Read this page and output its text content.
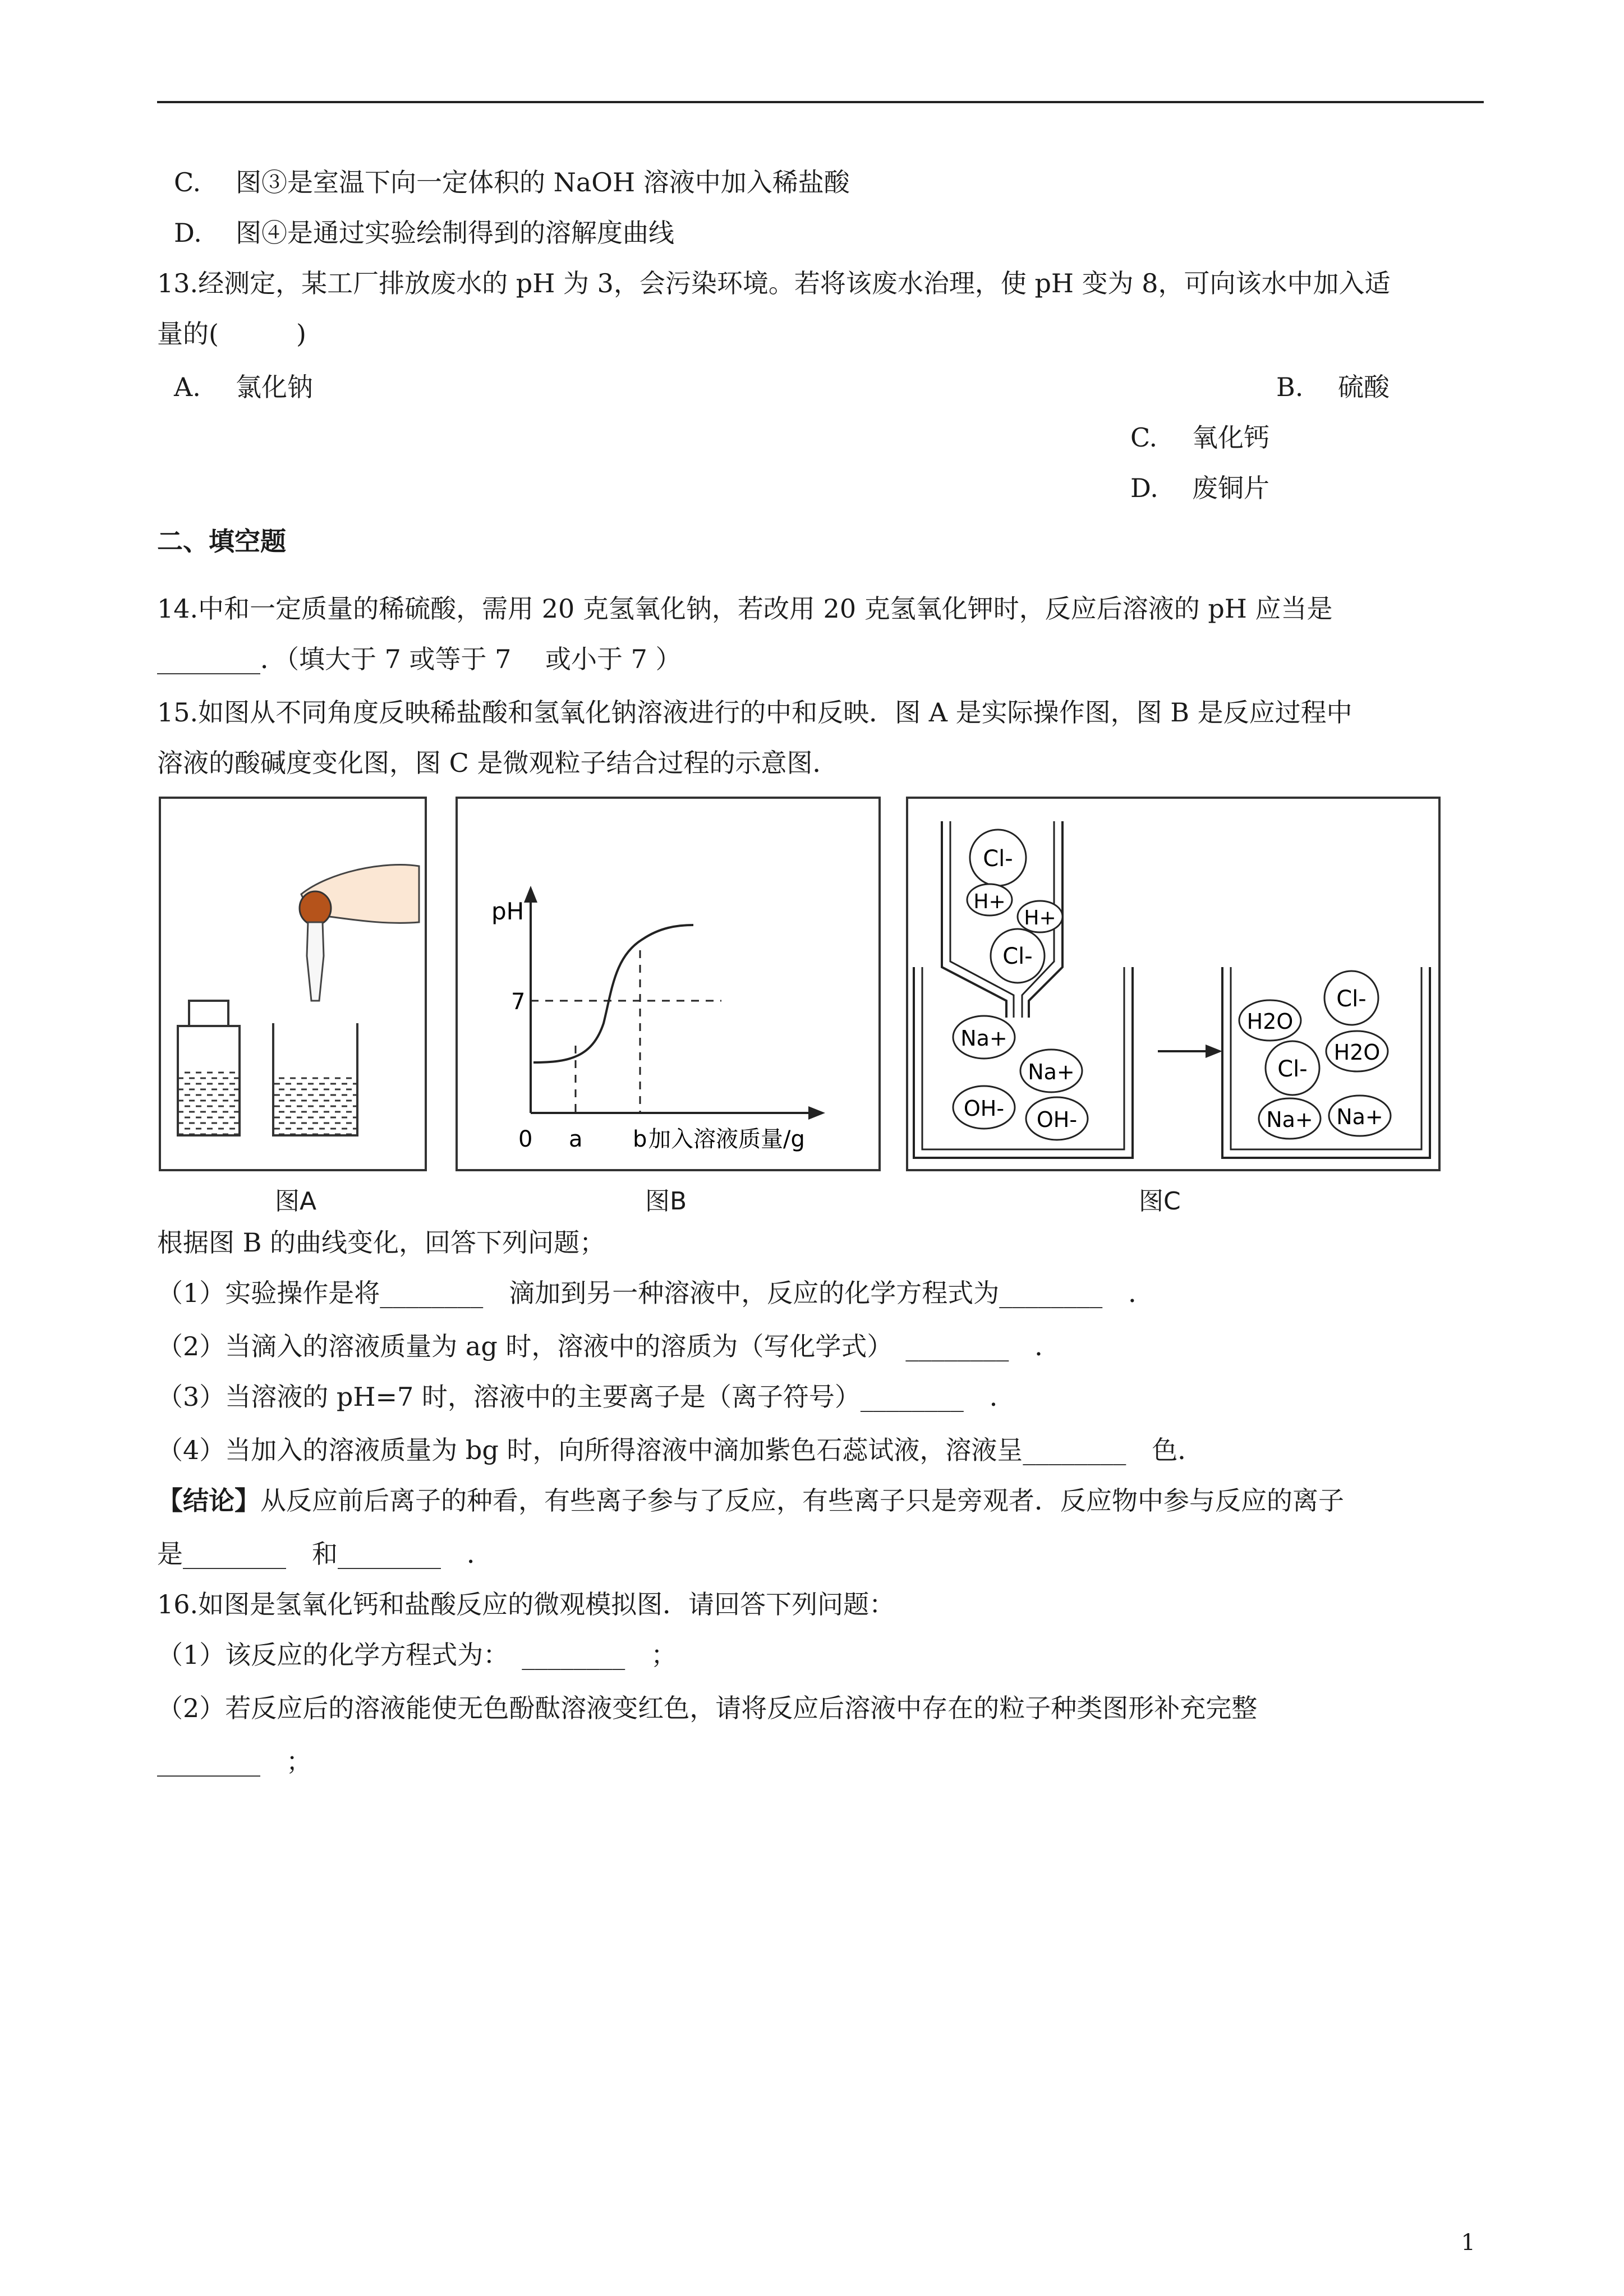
C. 图③是室温下向一定体积的 NaOH 溶液中加入稀盐酸
D. 图④是通过实验绘制得到的溶解度曲线
13.经测定，某工厂排放废水的 pH 为 3，会污染环境。若将该废水治理，使 pH 变为 8，可向该水中加入适
量的(　　　)
A. 氯化钠	B. 硫酸
C. 氧化钙
D. 废铜片
二、填空题
14.中和一定质量的稀硫酸，需用 20 克氢氧化钠，若改用 20 克氢氧化钾时，反应后溶液的 pH 应当是
________．（填大于 7 或等于 7　 或小于 7 ）
15.如图从不同角度反映稀盐酸和氢氧化钠溶液进行的中和反映．图 A 是实际操作图，图 B 是反应过程中
溶液的酸碱度变化图，图 C 是微观粒子结合过程的示意图．
图A
pH
7
0 a b 加入溶液质量/g
图B
Cl-
H+
H+
Cl-
Na+
Na+
OH- OH-
H2O
Cl-
Cl-
H2O
Na+ Na+
图C
根据图 B 的曲线变化，回答下列问题；
（1）实验操作是将________　滴加到另一种溶液中，反应的化学方程式为________　．
（2）当滴入的溶液质量为 ag 时，溶液中的溶质为（写化学式）　________　．
（3）当溶液的 pH=7 时，溶液中的主要离子是（离子符号）________　．
（4）当加入的溶液质量为 bg 时，向所得溶液中滴加紫色石蕊试液，溶液呈________　色．
【结论】从反应前后离子的种看，有些离子参与了反应，有些离子只是旁观者．反应物中参与反应的离子
是________　和________　．
16.如图是氢氧化钙和盐酸反应的微观模拟图．请回答下列问题：
（1）该反应的化学方程式为：　________　；
（2）若反应后的溶液能使无色酚酞溶液变红色，请将反应后溶液中存在的粒子种类图形补充完整
________　；
1
